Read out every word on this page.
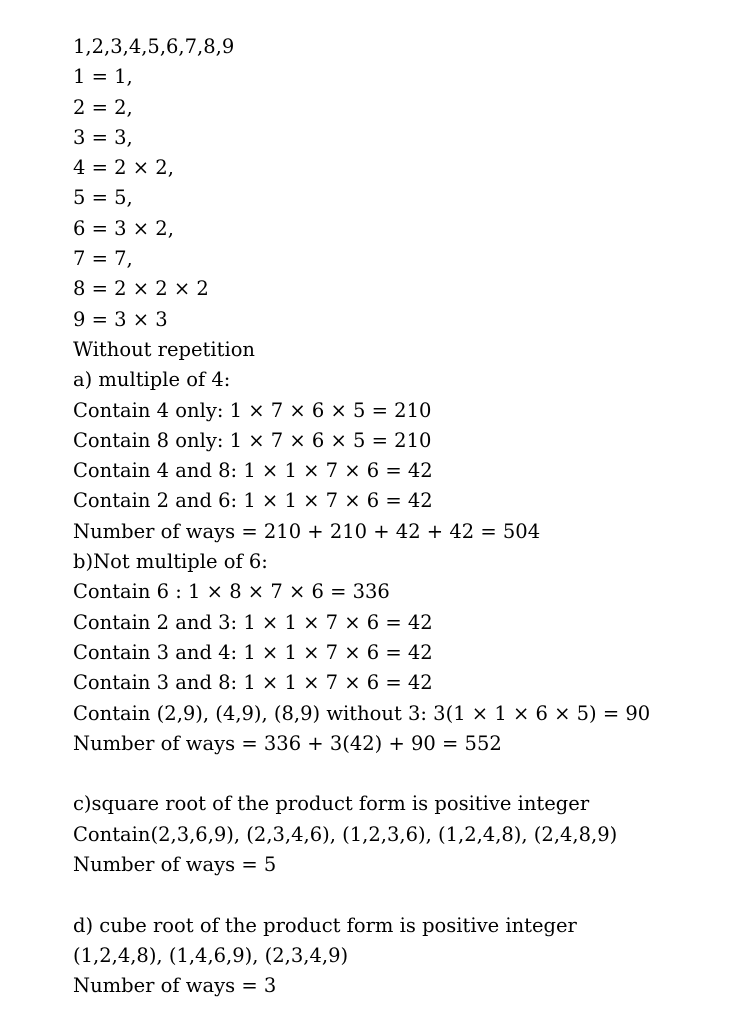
1,2,3,4,5,6,7,8,9
1 = 1,
2 = 2,
3 = 3,
4 = 2 × 2,
5 = 5,
6 = 3 × 2,
7 = 7,
8 = 2 × 2 × 2
9 = 3 × 3
Without repetition
a) multiple of 4:
Contain 4 only: 1 × 7 × 6 × 5 = 210
Contain 8 only: 1 × 7 × 6 × 5 = 210
Contain 4 and 8: 1 × 1 × 7 × 6 = 42
Contain 2 and 6: 1 × 1 × 7 × 6 = 42
Number of ways = 210 + 210 + 42 + 42 = 504
b)Not multiple of 6:
Contain 6 : 1 × 8 × 7 × 6 = 336
Contain 2 and 3: 1 × 1 × 7 × 6 = 42
Contain 3 and 4: 1 × 1 × 7 × 6 = 42
Contain 3 and 8: 1 × 1 × 7 × 6 = 42
Contain (2,9), (4,9), (8,9) without 3: 3(1 × 1 × 6 × 5) = 90
Number of ways = 336 + 3(42) + 90 = 552
c)square root of the product form is positive integer
Contain(2,3,6,9), (2,3,4,6), (1,2,3,6), (1,2,4,8), (2,4,8,9)
Number of ways = 5
d) cube root of the product form is positive integer
(1,2,4,8), (1,4,6,9), (2,3,4,9)
Number of ways = 3
